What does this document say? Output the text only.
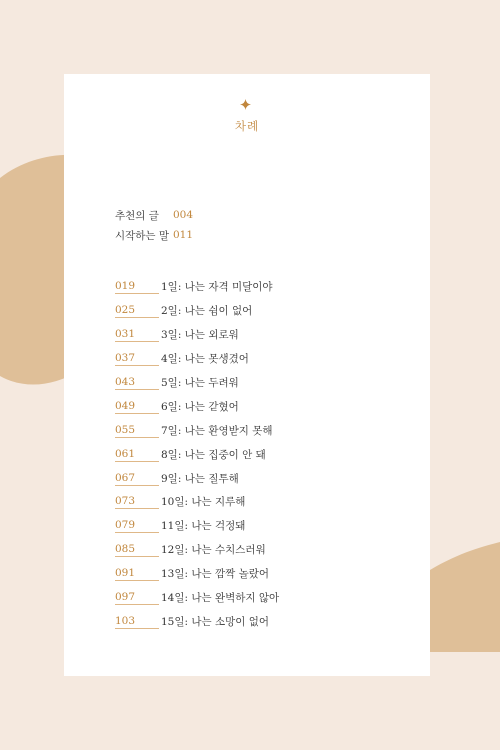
차례
추천의 글	004
시작하는 말 011
019	1일: 나는 자격 미달이야
025	2일: 나는 쉼이 없어
031	3일: 나는 외로워
037	4일: 나는 못생겼어
043	5일: 나는 두려워
049	6일: 나는 갇혔어
055	7일: 나는 환영받지 못해
061	8일: 나는 집중이 안 돼
067	9일: 나는 질투해
073	10일: 나는 지루해
079	11일: 나는 걱정돼
085	12일: 나는 수치스러워
091	13일: 나는 깜짝 놀랐어
097	14일: 나는 완벽하지 않아
103	15일: 나는 소망이 없어
